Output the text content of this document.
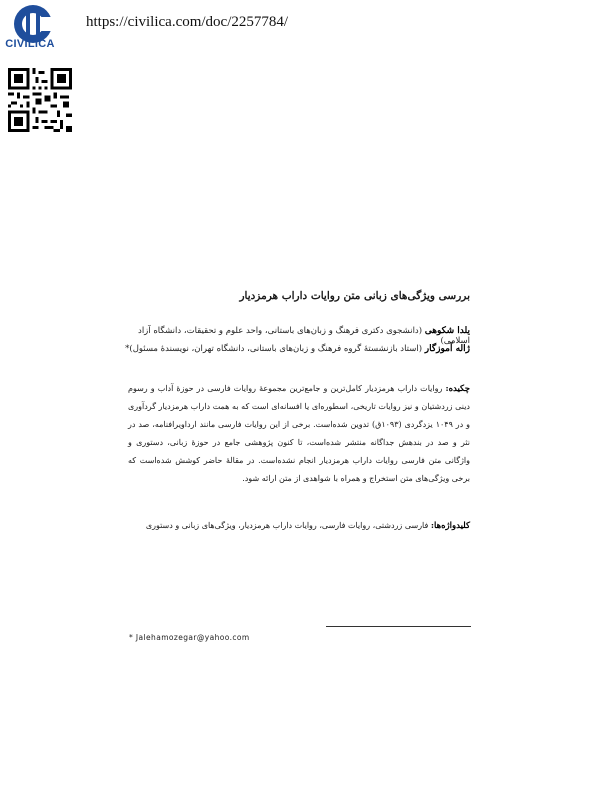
CIVILICA
https://civilica.com/doc/2257784/
بررسی ویژگی‌های زبانی متن روایات داراب هرمزدیار
یلدا شکوهی (دانشجوی دکتری فرهنگ و زبان‌های باستانی، واحد علوم و تحقیقات، دانشگاه آزاد اسلامی)
ژاله آموزگار (استاد بازنشستهٔ گروه فرهنگ و زبان‌های باستانی، دانشگاه تهران، نویسندهٔ مسئول)*
چکیده: روایات داراب هرمزدیار کامل‌ترین و جامع‌ترین مجموعهٔ روایات فارسی در حوزهٔ آداب و رسوم دینی زردشتیان و نیز روایات تاریخی، اسطوره‌ای یا افسانه‌ای است که به همت داراب هرمزدیار گردآوری و در ۱۰۴۹ یزدگردی (۱۰۹۳ق) تدوین شده‌است. برخی از این روایات فارسی مانند ارداویرافنامه، صد در نثر و صد در بندهش جداگانه منتشر شده‌است، تا کنون پژوهشی جامع در حوزهٔ زبانی، دستوری و واژگانی متن فارسی روایات داراب هرمزدیار انجام نشده‌است. در مقالهٔ حاضر کوشش شده‌است که برخی ویژگی‌های متن استخراج و همراه با شواهدی از متن ارائه شود.
کلیدواژه‌ها: فارسی زردشتی، روایات فارسی، روایات داراب هرمزدیار، ویژگی‌های زبانی و دستوری
* Jalehamozegar@yahoo.com
